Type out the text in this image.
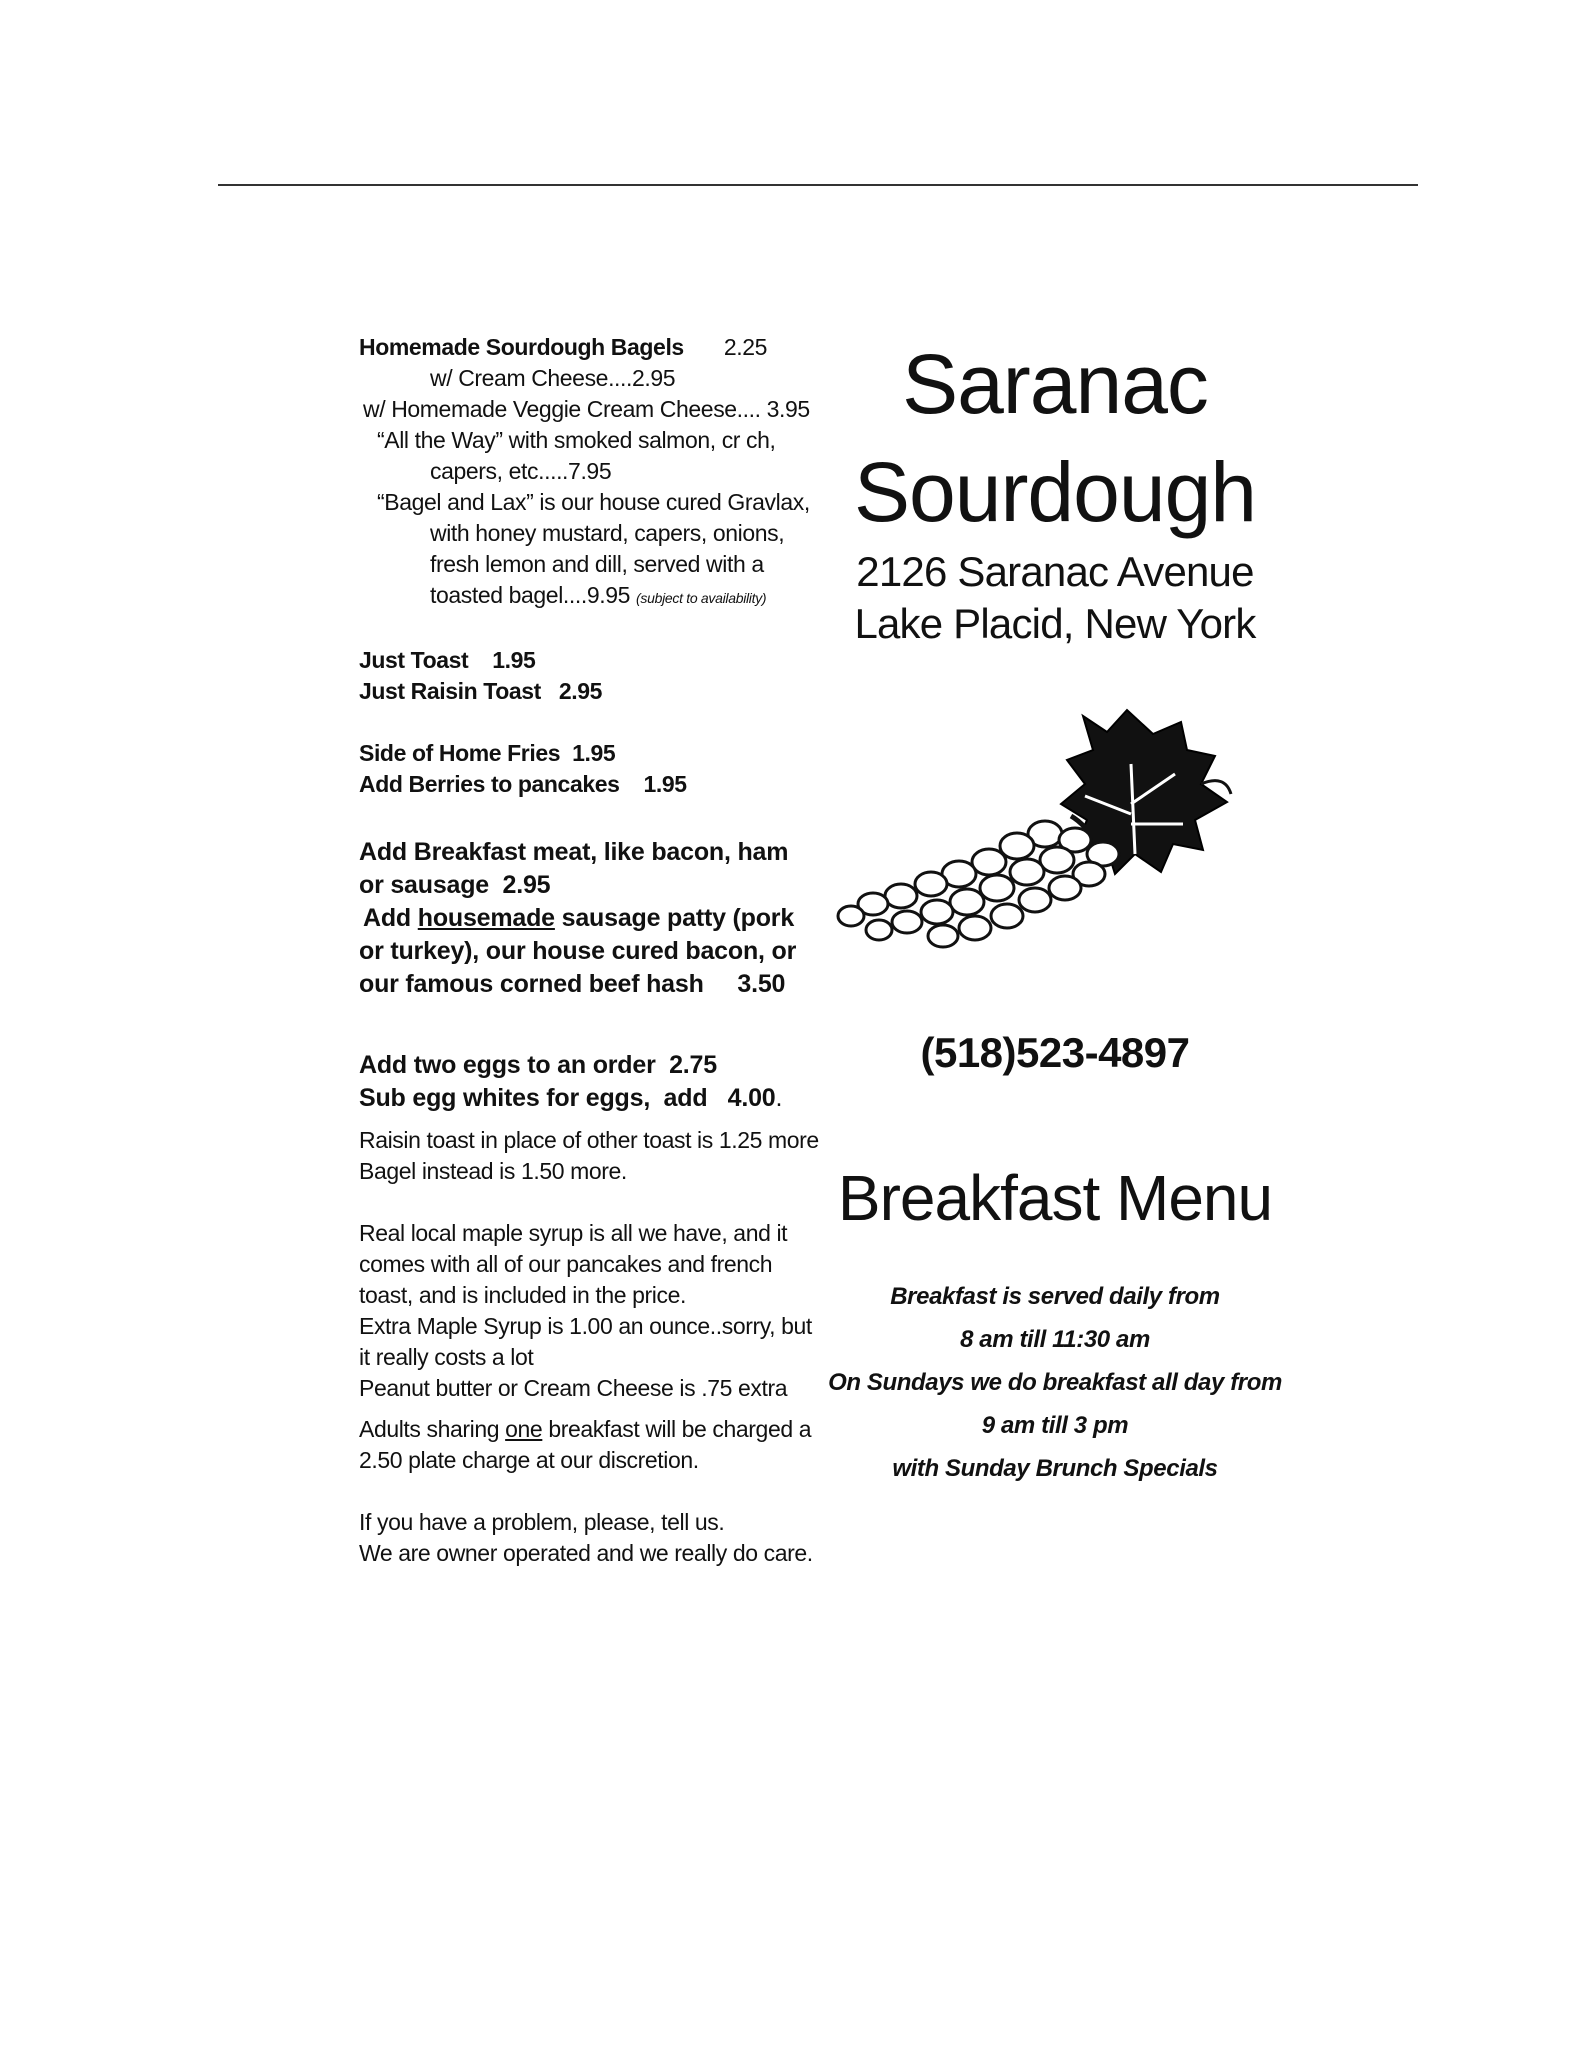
Homemade Sourdough Bagels 2.25
w/ Cream Cheese....2.95
w/ Homemade Veggie Cream Cheese.... 3.95
“All the Way” with smoked salmon, cr ch,
capers, etc.....7.95
“Bagel and Lax” is our house cured Gravlax,
with honey mustard, capers, onions,
fresh lemon and dill, served with a
toasted bagel....9.95 (subject to availability)
Just Toast    1.95
Just Raisin Toast   2.95
Side of Home Fries  1.95
Add Berries to pancakes    1.95
Add Breakfast meat, like bacon, ham
or sausage  2.95
Add housemade sausage patty (pork
or turkey), our house cured bacon, or
our famous corned beef hash     3.50
Add two eggs to an order  2.75
Sub egg whites for eggs,  add   4.00.
Raisin toast in place of other toast is 1.25 more
Bagel instead is 1.50 more.
Real local maple syrup is all we have, and it
comes with all of our pancakes and french
toast, and is included in the price.
Extra Maple Syrup is 1.00 an ounce..sorry, but
it really costs a lot
Peanut butter or Cream Cheese is .75 extra
Adults sharing one breakfast will be charged a
2.50 plate charge at our discretion.
If you have a problem, please, tell us.
We are owner operated and we really do care.
Saranac
Sourdough
2126 Saranac Avenue
Lake Placid, New York
(518)523-4897
Breakfast Menu
Breakfast is served daily from
8 am till 11:30 am
On Sundays we do breakfast all day from
9 am till 3 pm
with Sunday Brunch Specials
